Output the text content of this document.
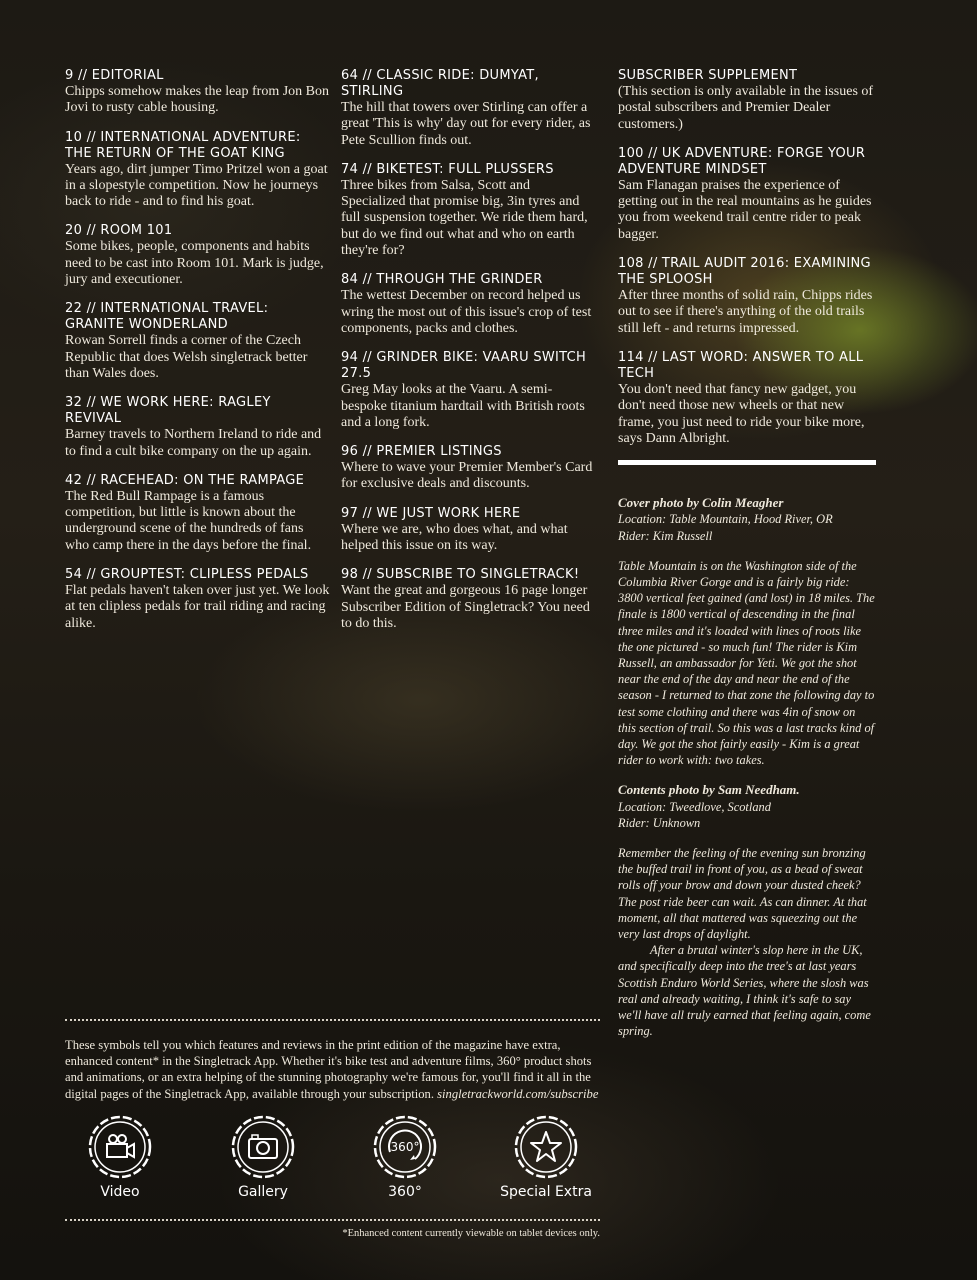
9 // EDITORIAL

Chipps somehow makes the leap from Jon Bon Jovi to rusty cable housing.

10 // INTERNATIONAL ADVENTURE: THE RETURN OF THE GOAT KING

Years ago, dirt jumper Timo Pritzel won a goat in a slopestyle competition. Now he journeys back to ride - and to find his goat.

20 // ROOM 101

Some bikes, people, components and habits need to be cast into Room 101. Mark is judge, jury and executioner.

22 // INTERNATIONAL TRAVEL: GRANITE WONDERLAND

Rowan Sorrell finds a corner of the Czech Republic that does Welsh singletrack better than Wales does.

32 // WE WORK HERE: RAGLEY REVIVAL

Barney travels to Northern Ireland to ride and to find a cult bike company on the up again.

42 // RACEHEAD: ON THE RAMPAGE

The Red Bull Rampage is a famous competition, but little is known about the underground scene of the hundreds of fans who camp there in the days before the final.

54 // GROUPTEST: CLIPLESS PEDALS

Flat pedals haven't taken over just yet. We look at ten clipless pedals for trail riding and racing alike.

64 // CLASSIC RIDE: DUMYAT, STIRLING

The hill that towers over Stirling can offer a great 'This is why' day out for every rider, as Pete Scullion finds out.

74 // BIKETEST: FULL PLUSSERS

Three bikes from Salsa, Scott and Specialized that promise big, 3in tyres and full suspension together. We ride them hard, but do we find out what and who on earth they're for?

84 // THROUGH THE GRINDER

The wettest December on record helped us wring the most out of this issue's crop of test components, packs and clothes.

94 // GRINDER BIKE: VAARU SWITCH 27.5

Greg May looks at the Vaaru. A semi-bespoke titanium hardtail with British roots and a long fork.

96 // PREMIER LISTINGS

Where to wave your Premier Member's Card for exclusive deals and discounts.

97 // WE JUST WORK HERE

Where we are, who does what, and what helped this issue on its way.

98 // SUBSCRIBE TO SINGLETRACK!

Want the great and gorgeous 16 page longer Subscriber Edition of Singletrack? You need to do this.

SUBSCRIBER SUPPLEMENT

(This section is only available in the issues of postal subscribers and Premier Dealer customers.)

100 // UK ADVENTURE: FORGE YOUR ADVENTURE MINDSET

Sam Flanagan praises the experience of getting out in the real mountains as he guides you from weekend trail centre rider to peak bagger.

108 // TRAIL AUDIT 2016: EXAMINING THE SPLOOSH

After three months of solid rain, Chipps rides out to see if there's anything of the old trails still left - and returns impressed.

114 // LAST WORD: ANSWER TO ALL TECH

You don't need that fancy new gadget, you don't need those new wheels or that new frame, you just need to ride your bike more, says Dann Albright.

Cover photo by Colin Meagher

Location: Table Mountain, Hood River, OR

Rider: Kim Russell

Table Mountain is on the Washington side of the Columbia River Gorge and is a fairly big ride: 3800 vertical feet gained (and lost) in 18 miles. The finale is 1800 vertical of descending in the final three miles and it's loaded with lines of roots like the one pictured - so much fun! The rider is Kim Russell, an ambassador for Yeti. We got the shot near the end of the day and near the end of the season - I returned to that zone the following day to test some clothing and there was 4in of snow on this section of trail. So this was a last tracks kind of day. We got the shot fairly easily - Kim is a great rider to work with: two takes.

Contents photo by Sam Needham.

Location: Tweedlove, Scotland

Rider: Unknown

Remember the feeling of the evening sun bronzing the buffed trail in front of you, as a bead of sweat rolls off your brow and down your dusted cheek? The post ride beer can wait. As can dinner. At that moment, all that mattered was squeezing out the very last drops of daylight.

After a brutal winter's slop here in the UK, and specifically deep into the tree's at last years Scottish Enduro World Series, where the slosh was real and already waiting, I think it's safe to say we'll have all truly earned that feeling again, come spring.

These symbols tell you which features and reviews in the print edition of the magazine have extra, enhanced content* in the Singletrack App. Whether it's bike test and adventure films, 360° product shots and animations, or an extra helping of the stunning photography we're famous for, you'll find it all in the digital pages of the Singletrack App, available through your subscription. singletrackworld.com/subscribe
Video	Gallery
360°
360°	Special Extra
*Enhanced content currently viewable on tablet devices only.
